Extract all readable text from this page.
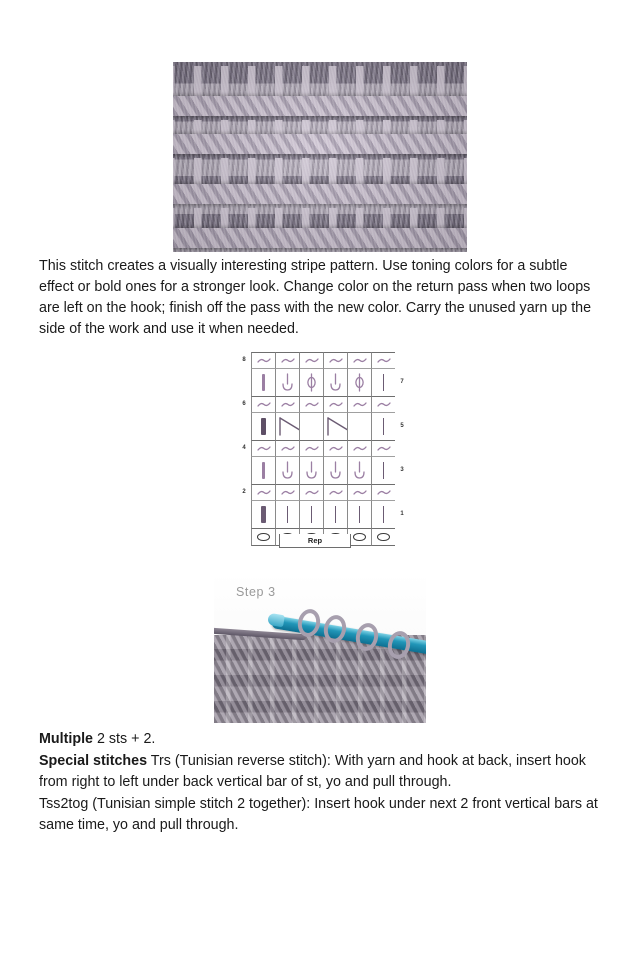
This stitch creates a visually interesting stripe pattern. Use toning colors for a subtle effect or bold ones for a stronger look. Change color on the return pass when two loops are left on the hook; finish off the pass with the new color. Carry the unused yarn up the side of the work and use it when needed.
8
7
6
5
4
3
2
1
Rep
Step 3

Multiple 2 sts + 2.

Special stitches Trs (Tunisian reverse stitch): With yarn and hook at back, insert hook from right to left under back vertical bar of st, yo and pull through.

Tss2tog (Tunisian simple stitch 2 together): Insert hook under next 2 front vertical bars at same time, yo and pull through.
